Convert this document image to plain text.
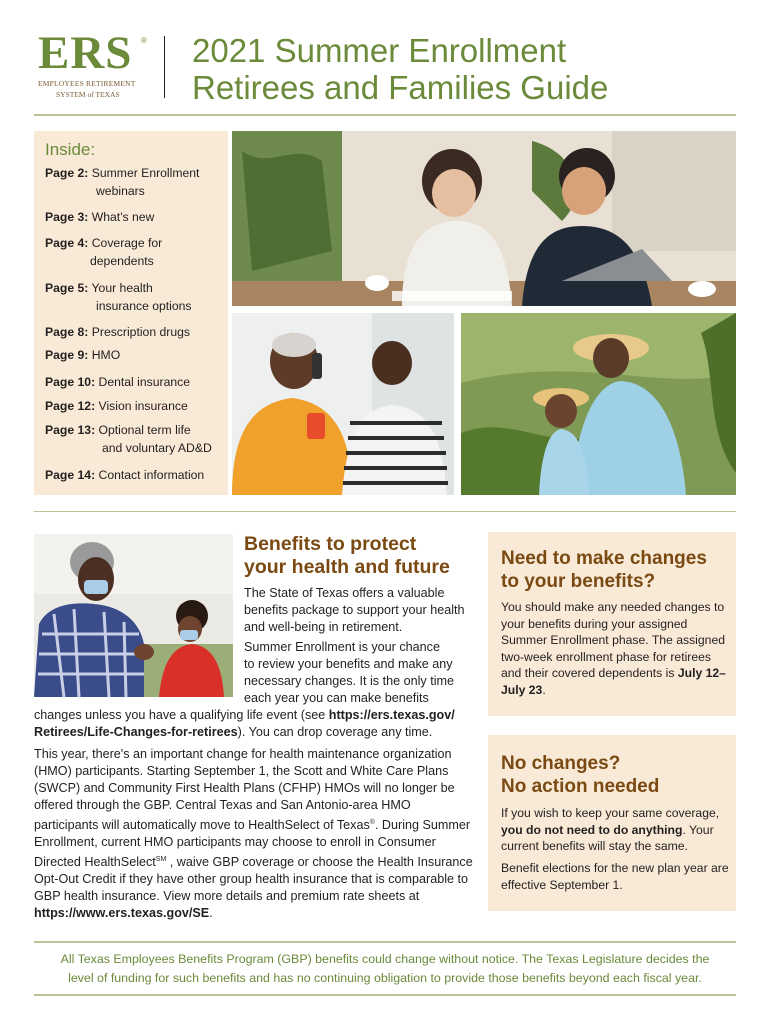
ERS ®
EMPLOYEES RETIREMENT
SYSTEM of TEXAS
2021 Summer Enrollment
Retirees and Families Guide
Inside:
Page 2: Summer Enrollment
webinars
Page 3: What's new
Page 4: Coverage for
dependents
Page 5: Your health
insurance options
Page 8: Prescription drugs
Page 9: HMO
Page 10: Dental insurance
Page 12: Vision insurance
Page 13: Optional term life
and voluntary AD&D
Page 14: Contact information
Benefits to protect
your health and future
The State of Texas offers a valuable benefits package to support your health and well-being in retirement.
Summer Enrollment is your chance
to review your benefits and make any
necessary changes. It is the only time
each year you can make benefits
changes unless you have a qualifying life event (see https://ers.texas.gov/
Retirees/Life-Changes-for-retirees). You can drop coverage any time.
This year, there's an important change for health maintenance organization (HMO) participants. Starting September 1, the Scott and White Care Plans (SWCP) and Community First Health Plans (CFHP) HMOs will no longer be offered through the GBP. Central Texas and San Antonio-area HMO participants will automatically move to HealthSelect of Texas®. During Summer Enrollment, current HMO participants may choose to enroll in Consumer Directed HealthSelect℠ , waive GBP coverage or choose the Health Insurance Opt-Out Credit if they have other group health insurance that is comparable to GBP health insurance. View more details and premium rate sheets at https://www.ers.texas.gov/SE.
Need to make changes
to your benefits?
You should make any needed changes to your benefits during your assigned Summer Enrollment phase. The assigned two-week enrollment phase for retirees and their covered dependents is July 12–July 23.
No changes?
No action needed
If you wish to keep your same coverage, you do not need to do anything. Your current benefits will stay the same.
Benefit elections for the new plan year are effective September 1.
All Texas Employees Benefits Program (GBP) benefits could change without notice. The Texas Legislature decides the
level of funding for such benefits and has no continuing obligation to provide those benefits beyond each fiscal year.
